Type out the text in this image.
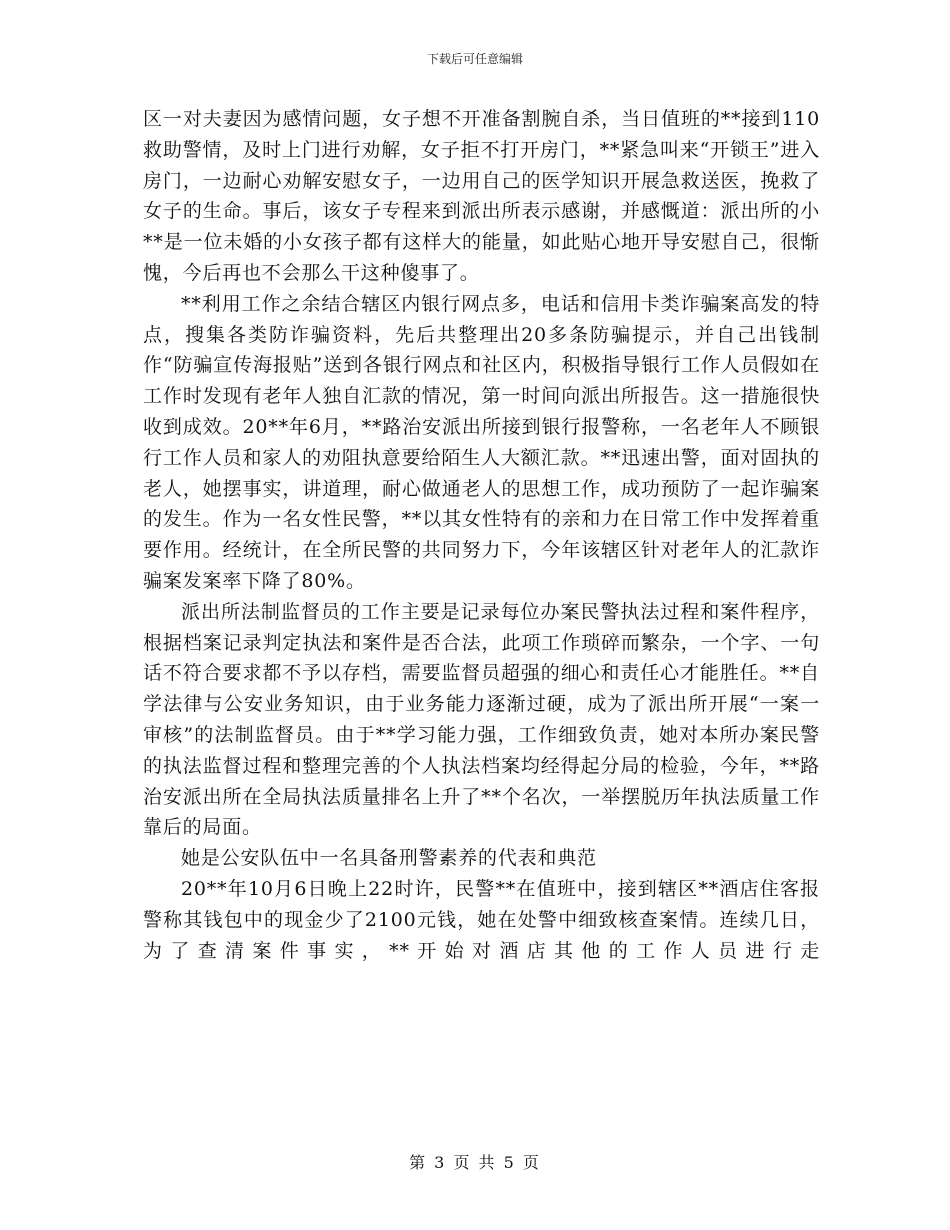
下载后可任意编辑

区一对夫妻因为感情问题，女子想不开准备割腕自杀，当日值班的**接到110救助警情，及时上门进行劝解，女子拒不打开房门，**紧急叫来“开锁王”进入房门，一边耐心劝解安慰女子，一边用自己的医学知识开展急救送医，挽救了女子的生命。事后，该女子专程来到派出所表示感谢，并感慨道：派出所的小**是一位未婚的小女孩子都有这样大的能量，如此贴心地开导安慰自己，很惭愧，今后再也不会那么干这种傻事了。

**利用工作之余结合辖区内银行网点多，电话和信用卡类诈骗案高发的特点，搜集各类防诈骗资料，先后共整理出20多条防骗提示，并自己出钱制作“防骗宣传海报贴”送到各银行网点和社区内，积极指导银行工作人员假如在工作时发现有老年人独自汇款的情况，第一时间向派出所报告。这一措施很快收到成效。20**年6月，**路治安派出所接到银行报警称，一名老年人不顾银行工作人员和家人的劝阻执意要给陌生人大额汇款。**迅速出警，面对固执的老人，她摆事实，讲道理，耐心做通老人的思想工作，成功预防了一起诈骗案的发生。作为一名女性民警，**以其女性特有的亲和力在日常工作中发挥着重要作用。经统计，在全所民警的共同努力下，今年该辖区针对老年人的汇款诈骗案发案率下降了80%。

派出所法制监督员的工作主要是记录每位办案民警执法过程和案件程序，根据档案记录判定执法和案件是否合法，此项工作琐碎而繁杂，一个字、一句话不符合要求都不予以存档，需要监督员超强的细心和责任心才能胜任。**自学法律与公安业务知识，由于业务能力逐渐过硬，成为了派出所开展“一案一审核”的法制监督员。由于**学习能力强，工作细致负责，她对本所办案民警的执法监督过程和整理完善的个人执法档案均经得起分局的检验，今年，**路治安派出所在全局执法质量排名上升了**个名次，一举摆脱历年执法质量工作靠后的局面。

她是公安队伍中一名具备刑警素养的代表和典范

20**年10月6日晚上22时许，民警**在值班中，接到辖区**酒店住客报警称其钱包中的现金少了2100元钱，她在处警中细致核查案情。连续几日，为了查清案件事实，**开始对酒店其他的工作人员进行走

第 3 页 共 5 页
